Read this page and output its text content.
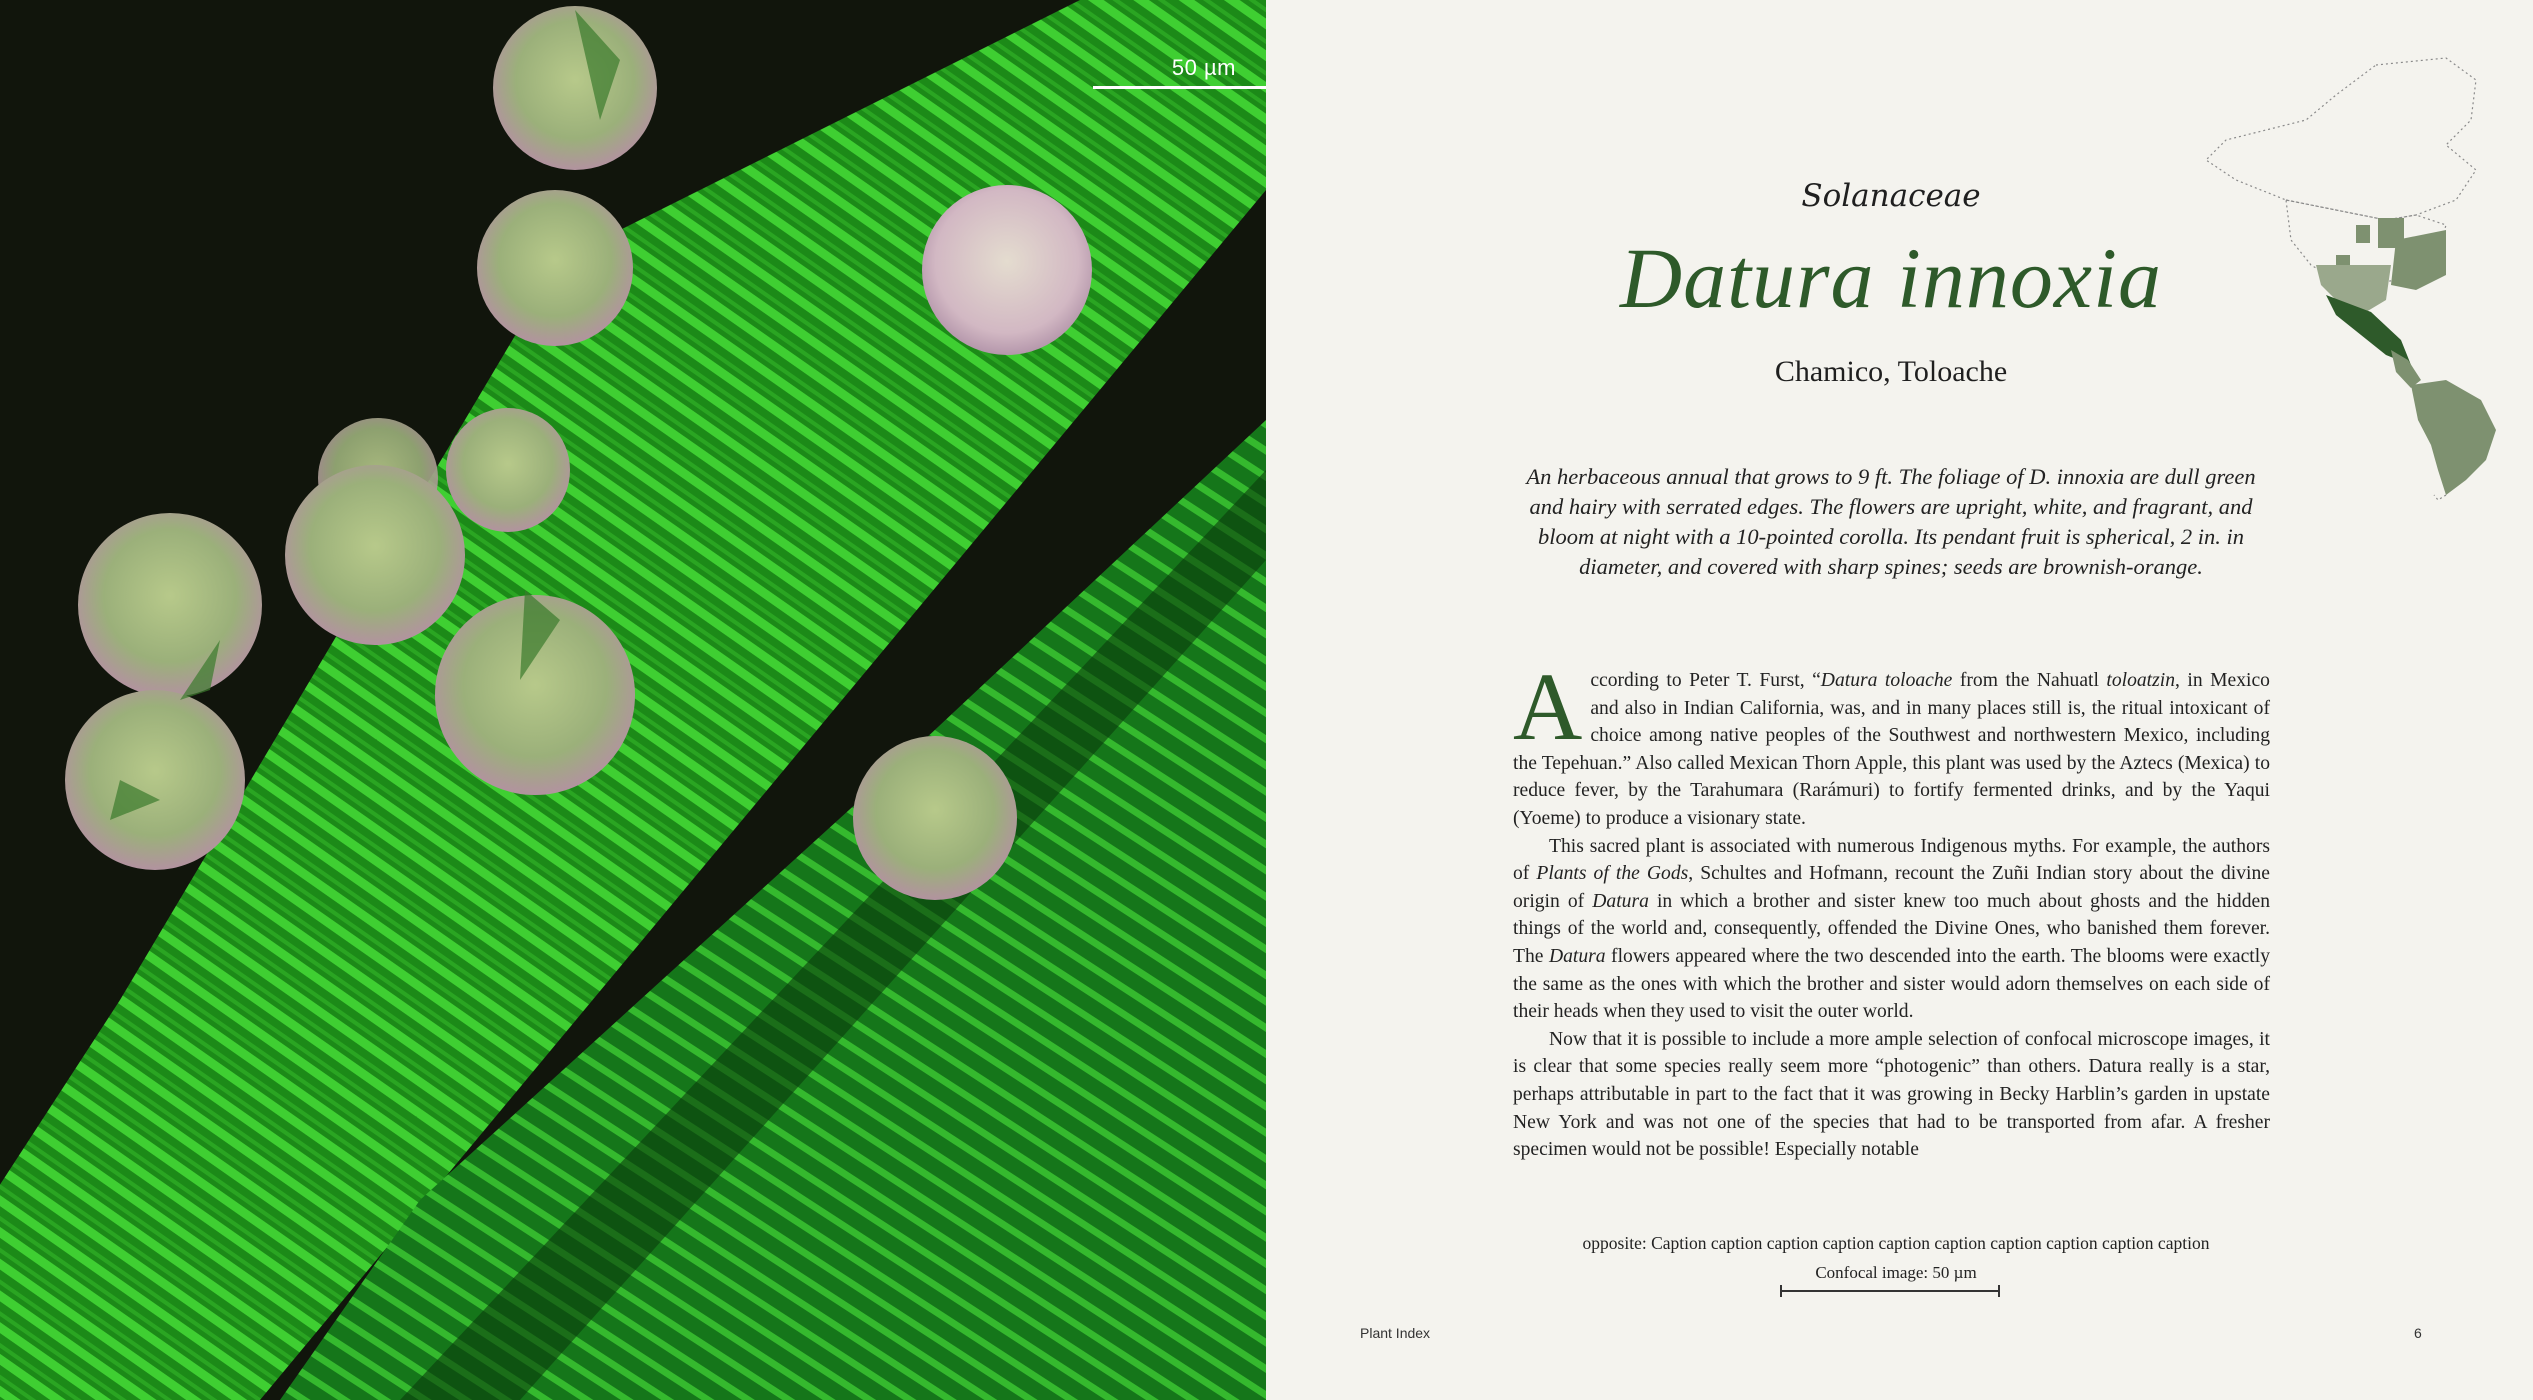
50 µm
Solanaceae
Datura innoxia
Chamico, Toloache
An herbaceous annual that grows to 9 ft. The foliage of D. innoxia are dull green and hairy with serrated edges. The flowers are upright, white, and fragrant, and bloom at night with a 10-pointed corolla. Its pendant fruit is spherical, 2 in. in diameter, and covered with sharp spines; seeds are brownish-orange.

According to Peter T. Furst, “Datura toloache from the Nahuatl toloatzin, in Mexico and also in Indian California, was, and in many places still is, the ritual intoxicant of choice among native peoples of the Southwest and northwestern Mexico, including the Tepehuan.” Also called Mexican Thorn Apple, this plant was used by the Aztecs (Mexica) to reduce fever, by the Tarahumara (Rarámuri) to fortify fermented drinks, and by the Yaqui (Yoeme) to produce a visionary state.

This sacred plant is associated with numerous Indigenous myths. For example, the authors of Plants of the Gods, Schultes and Hofmann, recount the Zuñi Indian story about the divine origin of Datura in which a brother and sister knew too much about ghosts and the hidden things of the world and, consequently, offended the Divine Ones, who banished them forever. The Datura flowers appeared where the two descended into the earth. The blooms were exactly the same as the ones with which the brother and sister would adorn themselves on each side of their heads when they used to visit the outer world.

Now that it is possible to include a more ample selection of confocal microscope images, it is clear that some species really seem more “photogenic” than others. Datura really is a star, perhaps attributable in part to the fact that it was growing in Becky Harblin’s garden in upstate New York and was not one of the species that had to be transported from afar. A fresher specimen would not be possible! Especially notable

opposite: Caption caption caption caption caption caption caption caption caption caption
Confocal image: 50 µm
Plant Index	6
